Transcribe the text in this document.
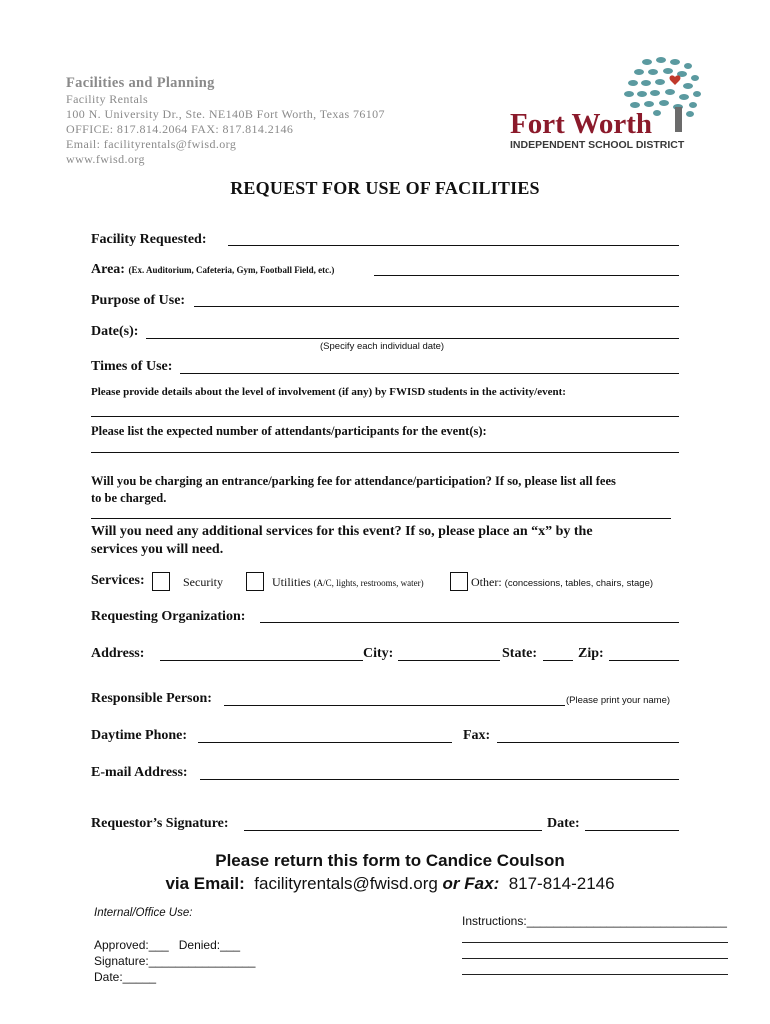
Facilities and Planning
Facility Rentals
100 N. University Dr., Ste. NE140B Fort Worth, Texas 76107
OFFICE: 817.814.2064 FAX: 817.814.2146
Email: facilityrentals@fwisd.org
www.fwisd.org
Fort Worth
INDEPENDENT SCHOOL DISTRICT
REQUEST FOR USE OF FACILITIES
Facility Requested:
Area: (Ex. Auditorium, Cafeteria, Gym, Football Field, etc.)
Purpose of Use:
Date(s):
(Specify each individual date)
Times of Use:
Please provide details about the level of involvement (if any) by FWISD students in the activity/event:
Please list the expected number of attendants/participants for the event(s):
Will you be charging an entrance/parking fee for attendance/participation? If so, please list all fees
to be charged.
Will you need any additional services for this event? If so, please place an “x” by the
services you will need.
Services:	Security	Utilities (A/C, lights, restrooms, water)	Other: (concessions, tables, chairs, stage)
Requesting Organization:
Address:	City:	State:	Zip:
Responsible Person:	(Please print your name)
Daytime Phone:	Fax:
E-mail Address:
Requestor’s Signature:	Date:
Please return this form to Candice Coulson
via Email: facilityrentals@fwisd.org or Fax: 817-814-2146
Internal/Office Use:
Approved:___   Denied:___
Signature:________________
Date:_____
Instructions:______________________________
